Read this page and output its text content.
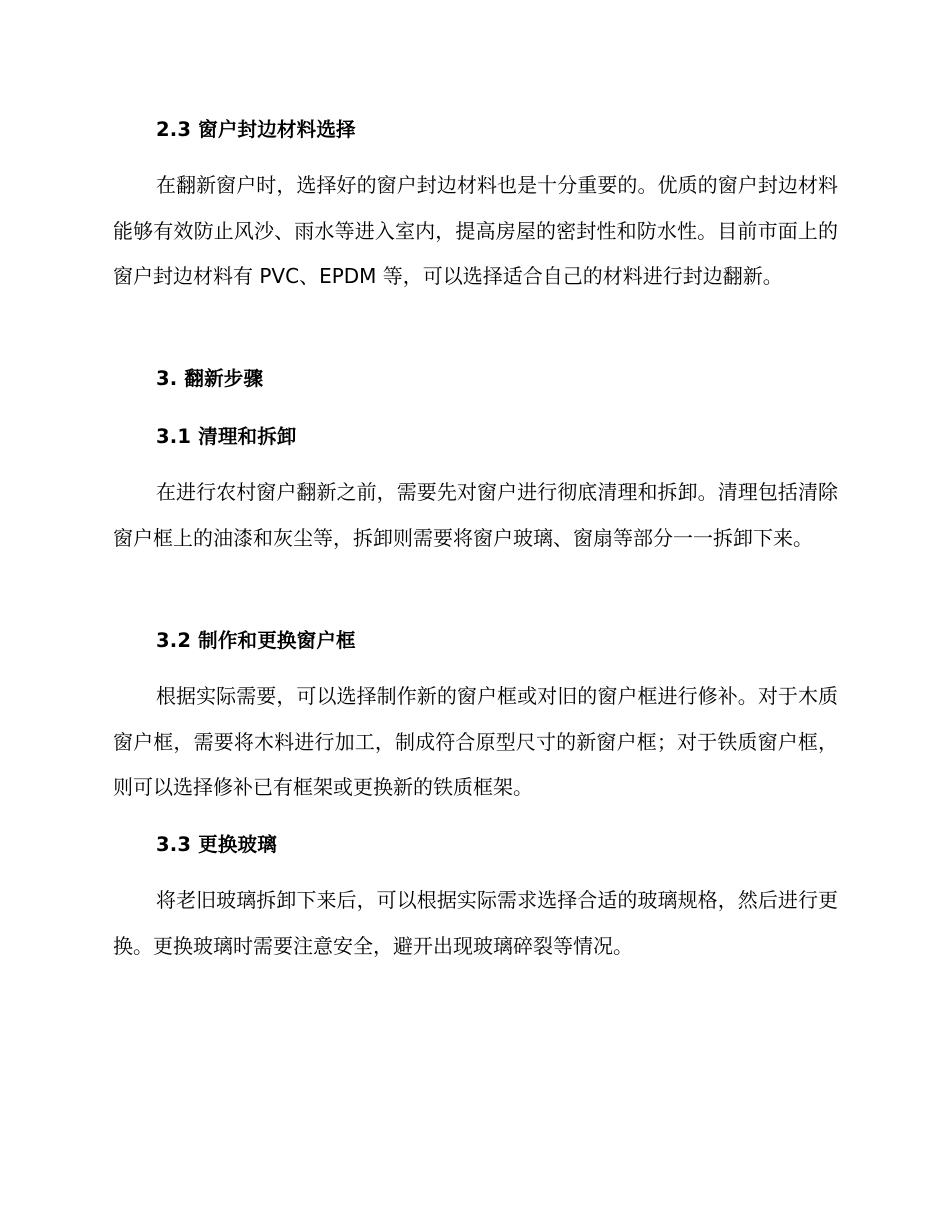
2.3 窗户封边材料选择

在翻新窗户时，选择好的窗户封边材料也是十分重要的。优质的窗户封边材料能够有效防止风沙、雨水等进入室内，提高房屋的密封性和防水性。目前市面上的窗户封边材料有 PVC、EPDM 等，可以选择适合自己的材料进行封边翻新。

3. 翻新步骤
3.1 清理和拆卸

在进行农村窗户翻新之前，需要先对窗户进行彻底清理和拆卸。清理包括清除窗户框上的油漆和灰尘等，拆卸则需要将窗户玻璃、窗扇等部分一一拆卸下来。

3.2 制作和更换窗户框

根据实际需要，可以选择制作新的窗户框或对旧的窗户框进行修补。对于木质窗户框，需要将木料进行加工，制成符合原型尺寸的新窗户框；对于铁质窗户框，则可以选择修补已有框架或更换新的铁质框架。

3.3 更换玻璃

将老旧玻璃拆卸下来后，可以根据实际需求选择合适的玻璃规格，然后进行更换。更换玻璃时需要注意安全，避开出现玻璃碎裂等情况。
